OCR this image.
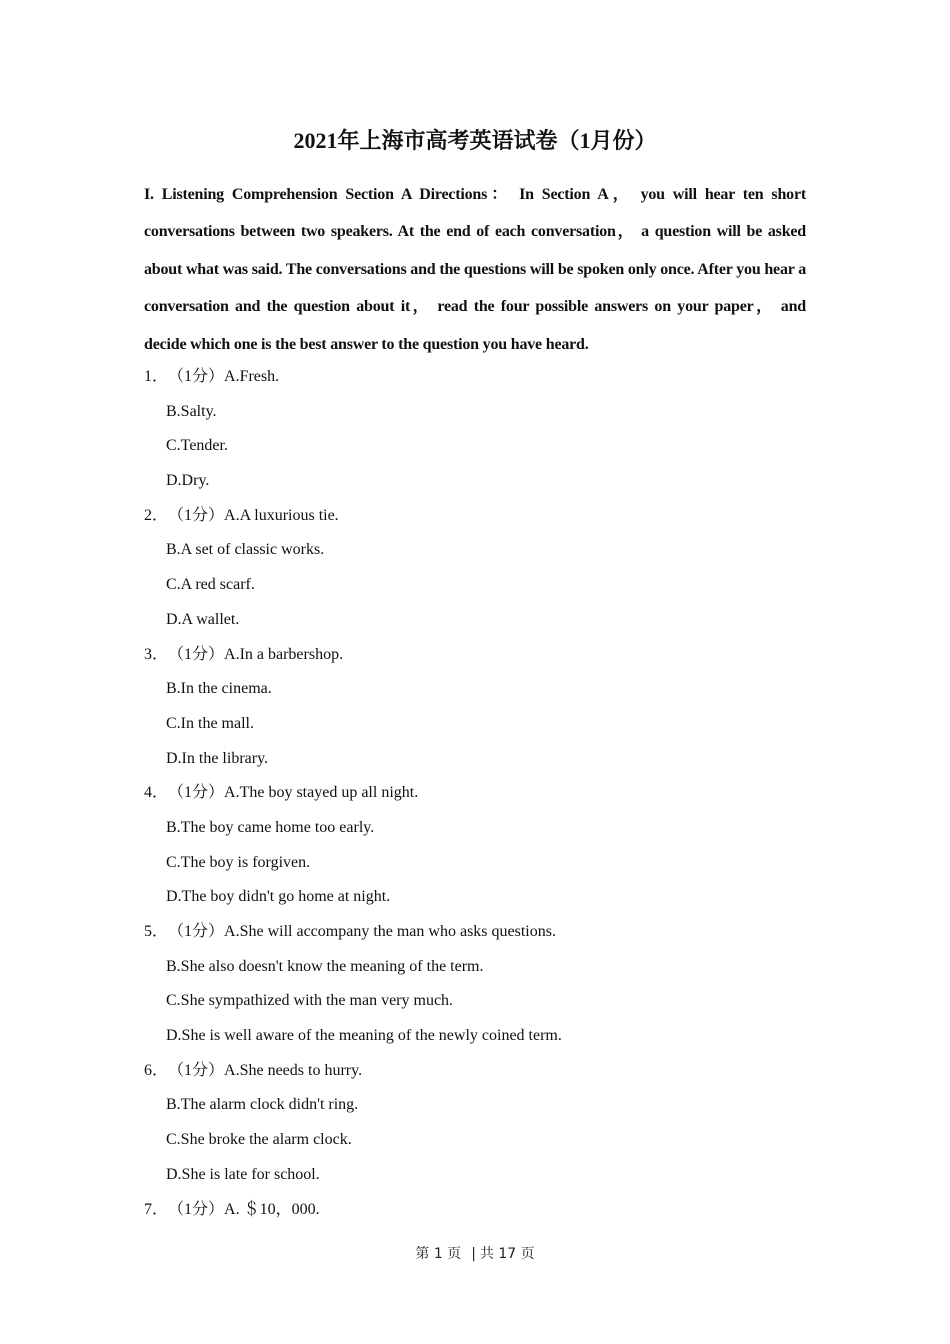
2021年上海市高考英语试卷（1月份）
I. Listening Comprehension Section A Directions： In Section A， you will hear ten short conversations between two speakers. At the end of each conversation， a question will be asked about what was said. The conversations and the questions will be spoken only once. After you hear a conversation and the question about it， read the four possible answers on your paper， and decide which one is the best answer to the question you have heard.
1．（1分）A.Fresh.
B.Salty.
C.Tender.
D.Dry.
2．（1分）A.A luxurious tie.
B.A set of classic works.
C.A red scarf.
D.A wallet.
3．（1分）A.In a barbershop.
B.In the cinema.
C.In the mall.
D.In the library.
4．（1分）A.The boy stayed up all night.
B.The boy came home too early.
C.The boy is forgiven.
D.The boy didn't go home at night.
5．（1分）A.She will accompany the man who asks questions.
B.She also doesn't know the meaning of the term.
C.She sympathized with the man very much.
D.She is well aware of the meaning of the newly coined term.
6．（1分）A.She needs to hurry.
B.The alarm clock didn't ring.
C.She broke the alarm clock.
D.She is late for school.
7．（1分）A. ＄10，000.
第 1 页 | 共 17 页
